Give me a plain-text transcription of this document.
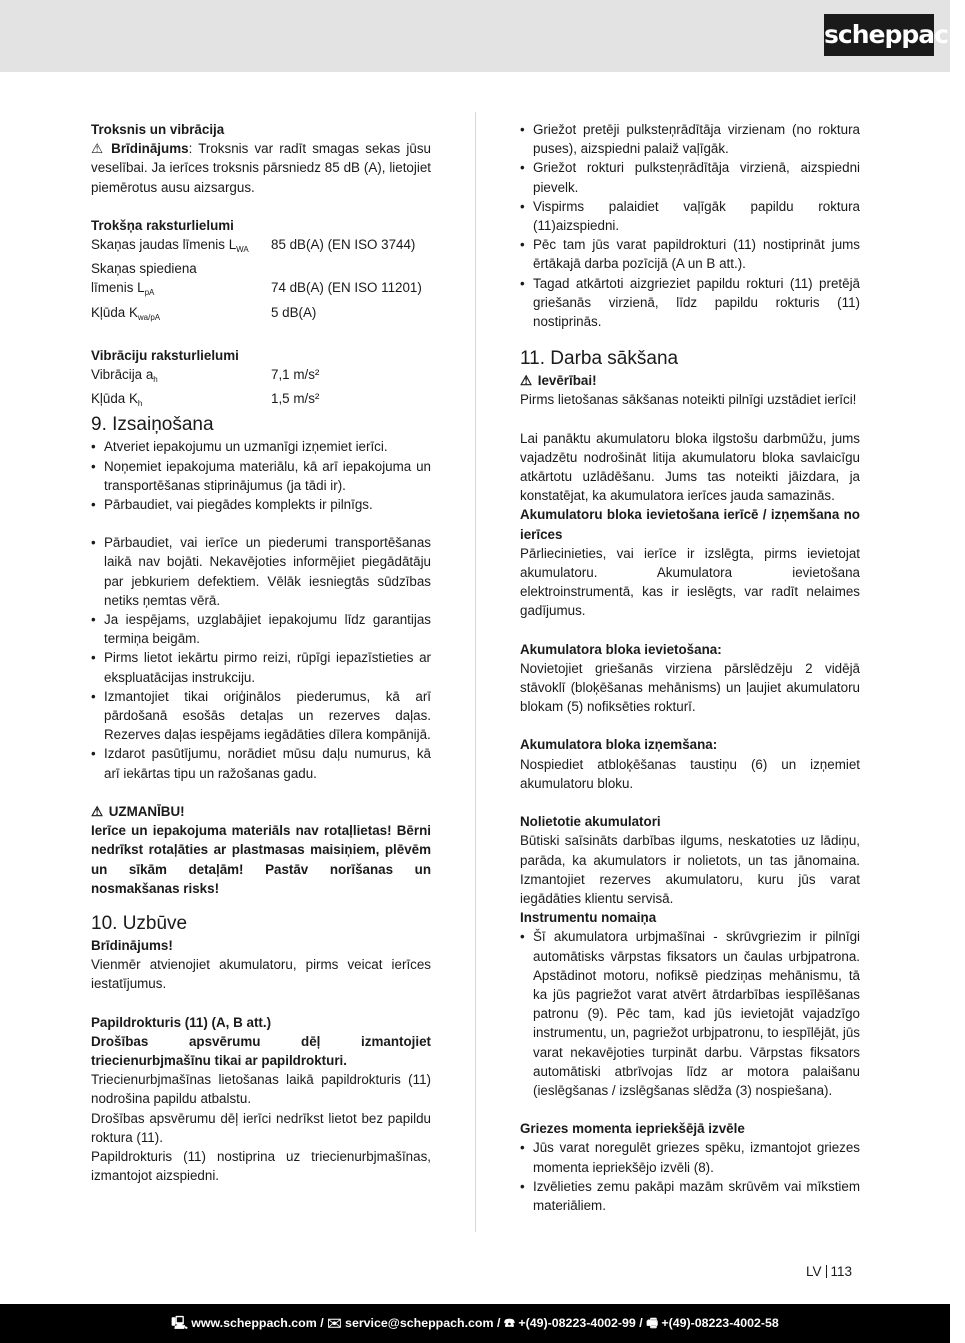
scheppach

Troksnis un vibrācija

⚠ Brīdinājums: Troksnis var radīt smagas sekas jūsu veselībai. Ja ierīces troksnis pārsniedz 85 dB (A), lietojiet piemērotus ausu aizsargus.

Trokšņa raksturlielumi

Skaņas jaudas līmenis $L_{WA}$	85 dB(A) (EN ISO 3744)

Skaņas spiediena

līmenis $L_{pA}$	74 dB(A) (EN ISO 11201)
Kļūda $K_{wa/pA}$	5 dB(A)

Vibrāciju raksturlielumi

Vibrācija $a_h$	7,1 m/s²
Kļūda $K_h$	1,5 m/s²

9. Izsaiņošana

• Atveriet iepakojumu un uzmanīgi izņemiet ierīci.
• Noņemiet iepakojuma materiālu, kā arī iepakojuma un transportēšanas stiprinājumus (ja tādi ir).
• Pārbaudiet, vai piegādes komplekts ir pilnīgs.
• Pārbaudiet, vai ierīce un piederumi transportēšanas laikā nav bojāti. Nekavējoties informējiet piegādātāju par jebkuriem defektiem. Vēlāk iesniegtās sūdzības netiks ņemtas vērā.
• Ja iespējams, uzglabājiet iepakojumu līdz garantijas termiņa beigām.
• Pirms lietot iekārtu pirmo reizi, rūpīgi iepazīstieties ar ekspluatācijas instrukciju.
• Izmantojiet tikai oriģinālos piederumus, kā arī pārdošanā esošās detaļas un rezerves daļas. Rezerves daļas iespējams iegādāties dīlera kompānijā.
• Izdarot pasūtījumu, norādiet mūsu daļu numurus, kā arī iekārtas tipu un ražošanas gadu.

⚠ UZMANĪBU!

Ierīce un iepakojuma materiāls nav rotaļlietas! Bērni nedrīkst rotaļāties ar plastmasas maisiņiem, plēvēm un sīkām detaļām! Pastāv norīšanas un nosmakšanas risks!

10. Uzbūve

Brīdinājums!

Vienmēr atvienojiet akumulatoru, pirms veicat ierīces iestatījumus.

Papildrokturis (11) (A, B att.)

Drošības apsvērumu dēļ izmantojiet triecienurbjmašīnu tikai ar papildrokturi.

Triecienurbjmašīnas lietošanas laikā papildrokturis (11) nodrošina papildu atbalstu.

Drošības apsvērumu dēļ ierīci nedrīkst lietot bez papildu roktura (11).

Papildrokturis (11) nostiprina uz triecienurbjmašīnas, izmantojot aizspiedni.

• Griežot pretēji pulksteņrādītāja virzienam (no roktura puses), aizspiedni palaiž vaļīgāk.
• Griežot rokturi pulksteņrādītāja virzienā, aizspiedni pievelk.
• Vispirms palaidiet vaļīgāk papildu roktura (11)aizspiedni.
• Pēc tam jūs varat papildrokturi (11) nostiprināt jums ērtākajā darba pozīcijā (A un B att.).
• Tagad atkārtoti aizgrieziet papildu rokturi (11) pretējā griešanās virzienā, līdz papildu rokturis (11) nostiprinās.

11. Darba sākšana

⚠ Ievērībai!

Pirms lietošanas sākšanas noteikti pilnīgi uzstādiet ierīci!

Lai panāktu akumulatoru bloka ilgstošu darbmūžu, jums vajadzētu nodrošināt litija akumulatoru bloka savlaicīgu atkārtotu uzlādēšanu. Jums tas noteikti jāizdara, ja konstatējat, ka akumulatora ierīces jauda samazinās.

Akumulatoru bloka ievietošana ierīcē / izņemšana no ierīces

Pārliecinieties, vai ierīce ir izslēgta, pirms ievietojat akumulatoru. Akumulatora ievietošana elektroinstrumentā, kas ir ieslēgts, var radīt nelaimes gadījumus.

Akumulatora bloka ievietošana:

Novietojiet griešanās virziena pārslēdzēju 2 vidējā stāvoklī (bloķēšanas mehānisms) un ļaujiet akumulatoru blokam (5) nofiksēties rokturī.

Akumulatora bloka izņemšana:

Nospiediet atbloķēšanas taustiņu (6) un izņemiet akumulatoru bloku.

Nolietotie akumulatori

Būtiski saīsināts darbības ilgums, neskatoties uz lādiņu, parāda, ka akumulators ir nolietots, un tas jānomaina. Izmantojiet rezerves akumulatoru, kuru jūs varat iegādāties klientu servisā.

Instrumentu nomaiņa

• Šī akumulatora urbjmašīnai - skrūvgriezim ir pilnīgi automātisks vārpstas fiksators un čaulas urbjpatrona. Apstādinot motoru, nofiksē piedziņas mehānismu, tā ka jūs pagriežot varat atvērt ātrdarbības iespīlēšanas patronu (9). Pēc tam, kad jūs ievietojāt vajadzīgo instrumentu, un, pagriežot urbjpatronu, to iespīlējāt, jūs varat nekavējoties turpināt darbu. Vārpstas fiksators automātiski atbrīvojas līdz ar motora palaišanu (ieslēgšanas / izslēgšanas slēdža (3) nospiešana).

Griezes momenta iepriekšējā izvēle

• Jūs varat noregulēt griezes spēku, izmantojot griezes momenta iepriekšējo izvēli (8).
• Izvēlieties zemu pakāpi mazām skrūvēm vai mīkstiem materiāliem.
LV 113
🖳 www.scheppach.com / ✉ service@scheppach.com / ☎ +(49)-08223-4002-99 / 🖷 +(49)-08223-4002-58
